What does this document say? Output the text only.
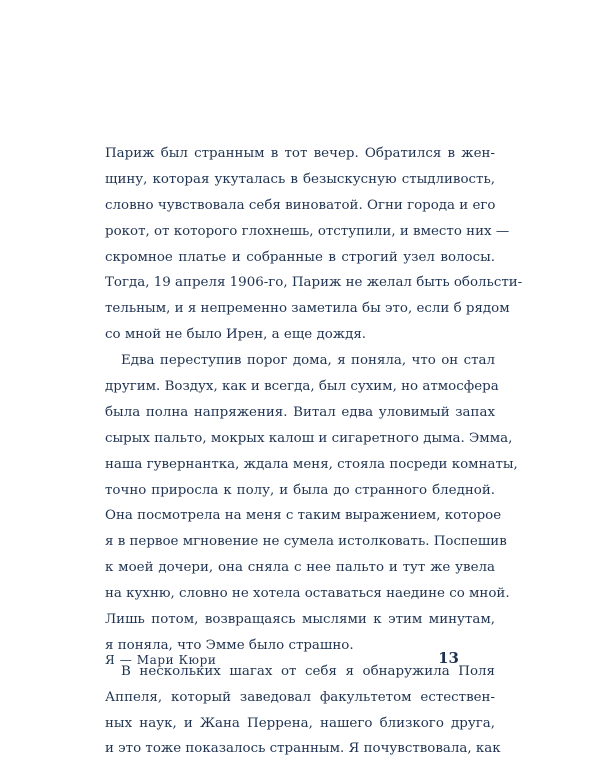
Париж был странным в тот вечер. Обратился в жен-
щину, которая укуталась в безыскусную стыдливость,
словно чувствовала себя виноватой. Огни города и его
рокот, от которого глохнешь, отступили, и вместо них —
скромное платье и собранные в строгий узел волосы.
Тогда, 19 апреля 1906-го, Париж не желал быть обольсти-
тельным, и я непременно заметила бы это, если б рядом
со мной не было Ирен, а еще дождя.
Едва переступив порог дома, я поняла, что он стал
другим. Воздух, как и всегда, был сухим, но атмосфера
была полна напряжения. Витал едва уловимый запах
сырых пальто, мокрых калош и сигаретного дыма. Эмма,
наша гувернантка, ждала меня, стояла посреди комнаты,
точно приросла к полу, и была до странного бледной.
Она посмотрела на меня с таким выражением, которое
я в первое мгновение не сумела истолковать. Поспешив
к моей дочери, она сняла с нее пальто и тут же увела
на кухню, словно не хотела оставаться наедине со мной.
Лишь потом, возвращаясь мыслями к этим минутам,
я поняла, что Эмме было страшно.
В нескольких шагах от себя я обнаружила Поля
Аппеля, который заведовал факультетом естествен-
ных наук, и Жана Перрена, нашего близкого друга,
и это тоже показалось странным. Я почувствовала, как
Я — Мари Кюри	13
